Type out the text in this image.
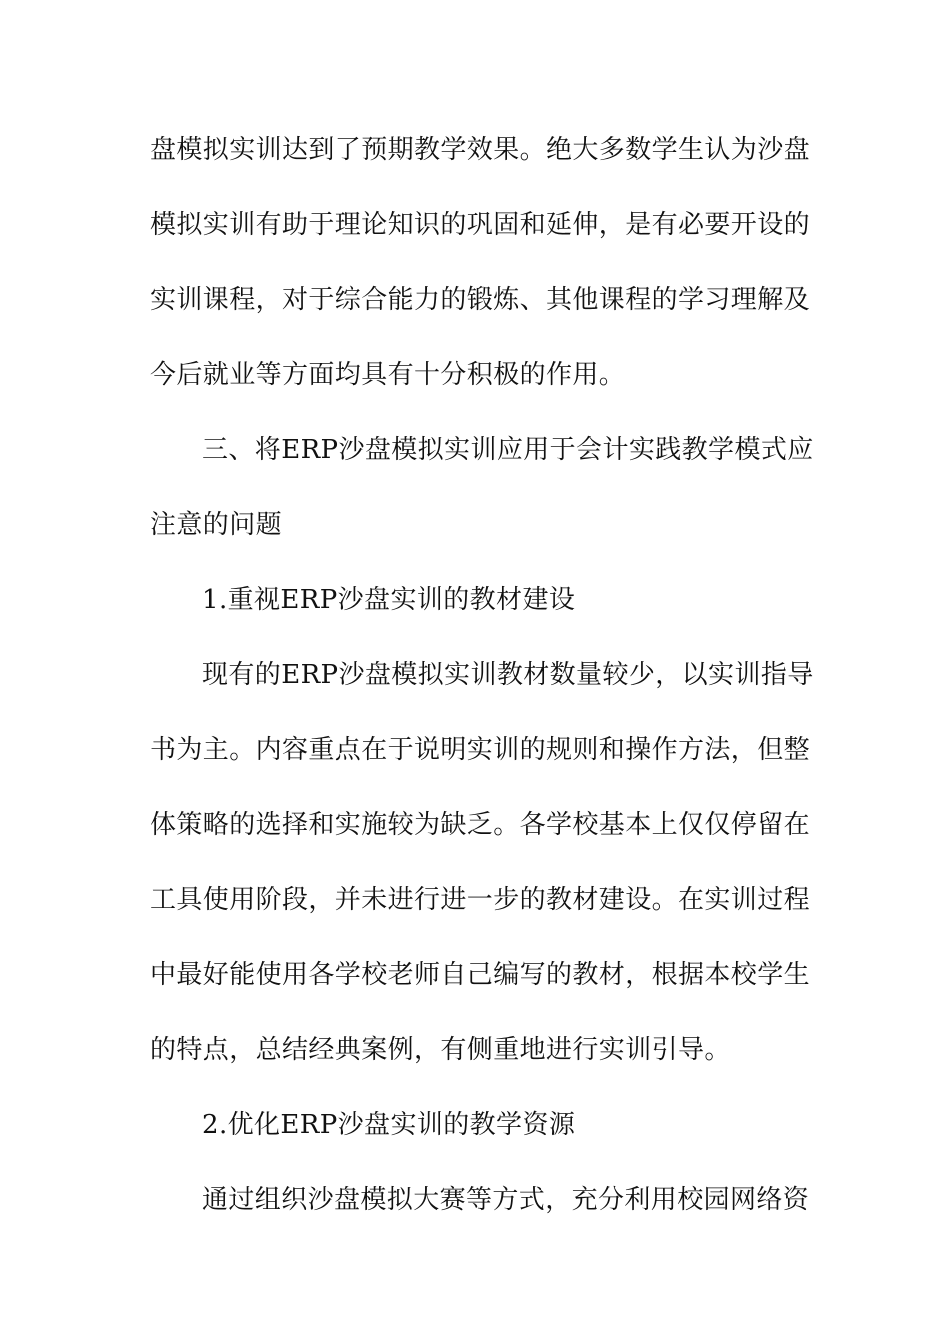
盘模拟实训达到了预期教学效果。绝大多数学生认为沙盘
模拟实训有助于理论知识的巩固和延伸，是有必要开设的
实训课程，对于综合能力的锻炼、其他课程的学习理解及
今后就业等方面均具有十分积极的作用。
三、将ERP沙盘模拟实训应用于会计实践教学模式应
注意的问题
1.重视ERP沙盘实训的教材建设
现有的ERP沙盘模拟实训教材数量较少，以实训指导
书为主。内容重点在于说明实训的规则和操作方法，但整
体策略的选择和实施较为缺乏。各学校基本上仅仅停留在
工具使用阶段，并未进行进一步的教材建设。在实训过程
中最好能使用各学校老师自己编写的教材，根据本校学生
的特点，总结经典案例，有侧重地进行实训引导。
2.优化ERP沙盘实训的教学资源
通过组织沙盘模拟大赛等方式，充分利用校园网络资
